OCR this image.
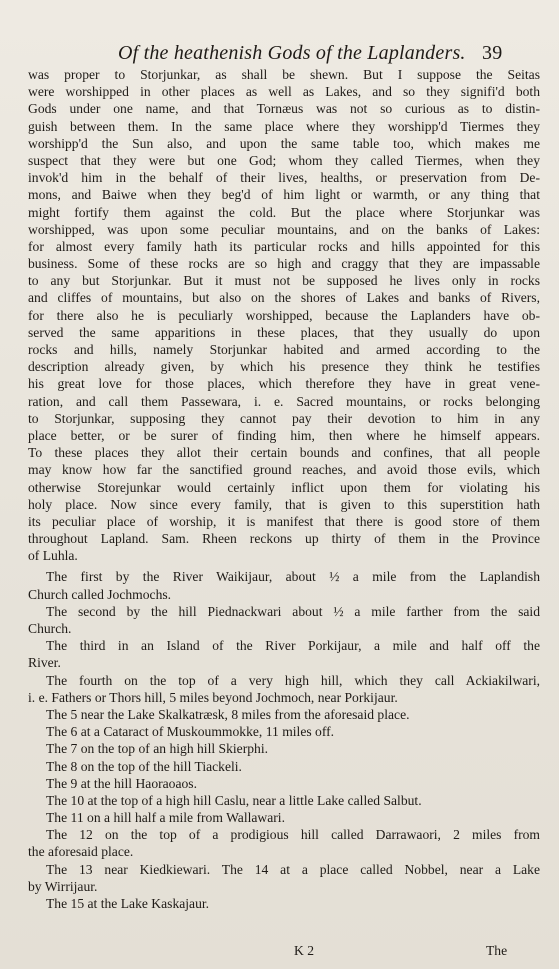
Of the heathenish Gods of the Laplanders. 39
was proper to Storjunkar, as shall be shewn. But I suppose the Seitas
were worshipped in other places as well as Lakes, and so they signifi'd both
Gods under one name, and that Tornæus was not so curious as to distin-
guish between them. In the same place where they worshipp'd Tiermes they
worshipp'd the Sun also, and upon the same table too, which makes me
suspect that they were but one God; whom they called Tiermes, when they
invok'd him in the behalf of their lives, healths, or preservation from De-
mons, and Baiwe when they beg'd of him light or warmth, or any thing that
might fortify them against the cold. But the place where Storjunkar was
worshipped, was upon some peculiar mountains, and on the banks of Lakes:
for almost every family hath its particular rocks and hills appointed for this
business. Some of these rocks are so high and craggy that they are impassable
to any but Storjunkar. But it must not be supposed he lives only in rocks
and cliffes of mountains, but also on the shores of Lakes and banks of Rivers,
for there also he is peculiarly worshipped, because the Laplanders have ob-
served the same apparitions in these places, that they usually do upon
rocks and hills, namely Storjunkar habited and armed according to the
description already given, by which his presence they think he testifies
his great love for those places, which therefore they have in great vene-
ration, and call them Passewara, i. e. Sacred mountains, or rocks belonging
to Storjunkar, supposing they cannot pay their devotion to him in any
place better, or be surer of finding him, then where he himself appears.
To these places they allot their certain bounds and confines, that all people
may know how far the sanctified ground reaches, and avoid those evils, which
otherwise Storejunkar would certainly inflict upon them for violating his
holy place. Now since every family, that is given to this superstition hath
its peculiar place of worship, it is manifest that there is good store of them
throughout Lapland. Sam. Rheen reckons up thirty of them in the Province
of Luhla.
The first by the River Waikijaur, about ½ a mile from the Laplandish
Church called Jochmochs.
The second by the hill Piednackwari about ½ a mile farther from the said
Church.
The third in an Island of the River Porkijaur, a mile and half off the
River.
The fourth on the top of a very high hill, which they call Ackiakilwari,
i. e. Fathers or Thors hill, 5 miles beyond Jochmoch, near Porkijaur.
The 5 near the Lake Skalkatræsk, 8 miles from the aforesaid place.
The 6 at a Cataract of Muskoummokke, 11 miles off.
The 7 on the top of an high hill Skierphi.
The 8 on the top of the hill Tiackeli.
The 9 at the hill Haoraoaos.
The 10 at the top of a high hill Caslu, near a little Lake called Salbut.
The 11 on a hill half a mile from Wallawari.
The 12 on the top of a prodigious hill called Darrawaori, 2 miles from
the aforesaid place.
The 13 near Kiedkiewari. The 14 at a place called Nobbel, near a Lake
by Wirrijaur.
The 15 at the Lake Kaskajaur.
K 2	The
